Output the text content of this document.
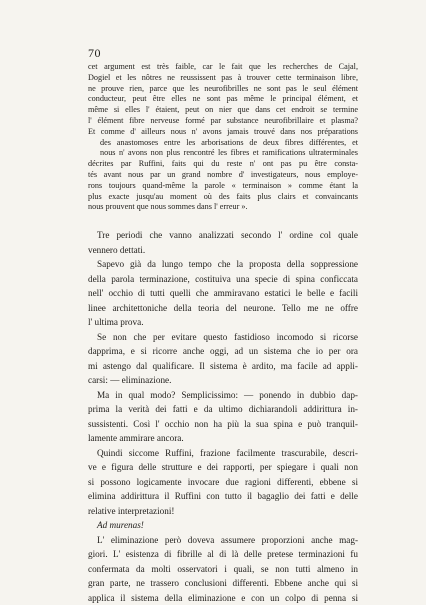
70
cet argument est très faible, car le fait que les recherches de Cajal,
Dogiel et les nôtres ne reussissent pas à trouver cette terminaison libre,
ne prouve rien, parce que les neurofibrilles ne sont pas le seul élément
conducteur, peut être elles ne sont pas même le principal élément, et
même si elles l' étaient, peut on nier que dans cet endroit se termine
l' élément fibre nerveuse formé par substance neurofibrillaire et plasma?
Et comme d' ailleurs nous n' avons jamais trouvé dans nos préparations
des anastomoses entre les arborisations de deux fibres différentes, et
nous n' avons non plus rencontré les fibres et ramifications ultraterminales
décrites par Ruffini, faits qui du reste n' ont pas pu être consta-
tés avant nous par un grand nombre d' investigateurs, nous employe-
rons toujours quand-même la parole « terminaison » comme étant la
plus exacte jusqu'au moment où des faits plus clairs et convaincants
nous prouvent que nous sommes dans l' erreur ».
Tre periodi che vanno analizzati secondo l' ordine col quale
vennero dettati.
Sapevo già da lungo tempo che la proposta della soppressione
della parola terminazione, costituiva una specie di spina conficcata
nell' occhio di tutti quelli che ammiravano estatici le belle e facili
linee architettoniche della teoria del neurone. Tello me ne offre
l' ultima prova.
Se non che per evitare questo fastidioso incomodo si ricorse
dapprima, e si ricorre anche oggi, ad un sistema che io per ora
mi astengo dal qualificare. Il sistema è ardito, ma facile ad appli-
carsi: — eliminazione.
Ma in qual modo? Semplicissimo: — ponendo in dubbio dap-
prima la verità dei fatti e da ultimo dichiarandoli addirittura in-
sussistenti. Così l' occhio non ha più la sua spina e può tranquil-
lamente ammirare ancora.
Quindi siccome Ruffini, frazione facilmente trascurabile, descri-
ve e figura delle strutture e dei rapporti, per spiegare i quali non
si possono logicamente invocare due ragioni differenti, ebbene si
elimina addirittura il Ruffini con tutto il bagaglio dei fatti e delle
relative interpretazioni!
Ad murenas!
L' eliminazione però doveva assumere proporzioni anche mag-
giori. L' esistenza di fibrille al di là delle pretese terminazioni fu
confermata da molti osservatori i quali, se non tutti almeno in
gran parte, ne trassero conclusioni differenti. Ebbene anche qui si
applica il sistema della eliminazione e con un colpo di penna si
